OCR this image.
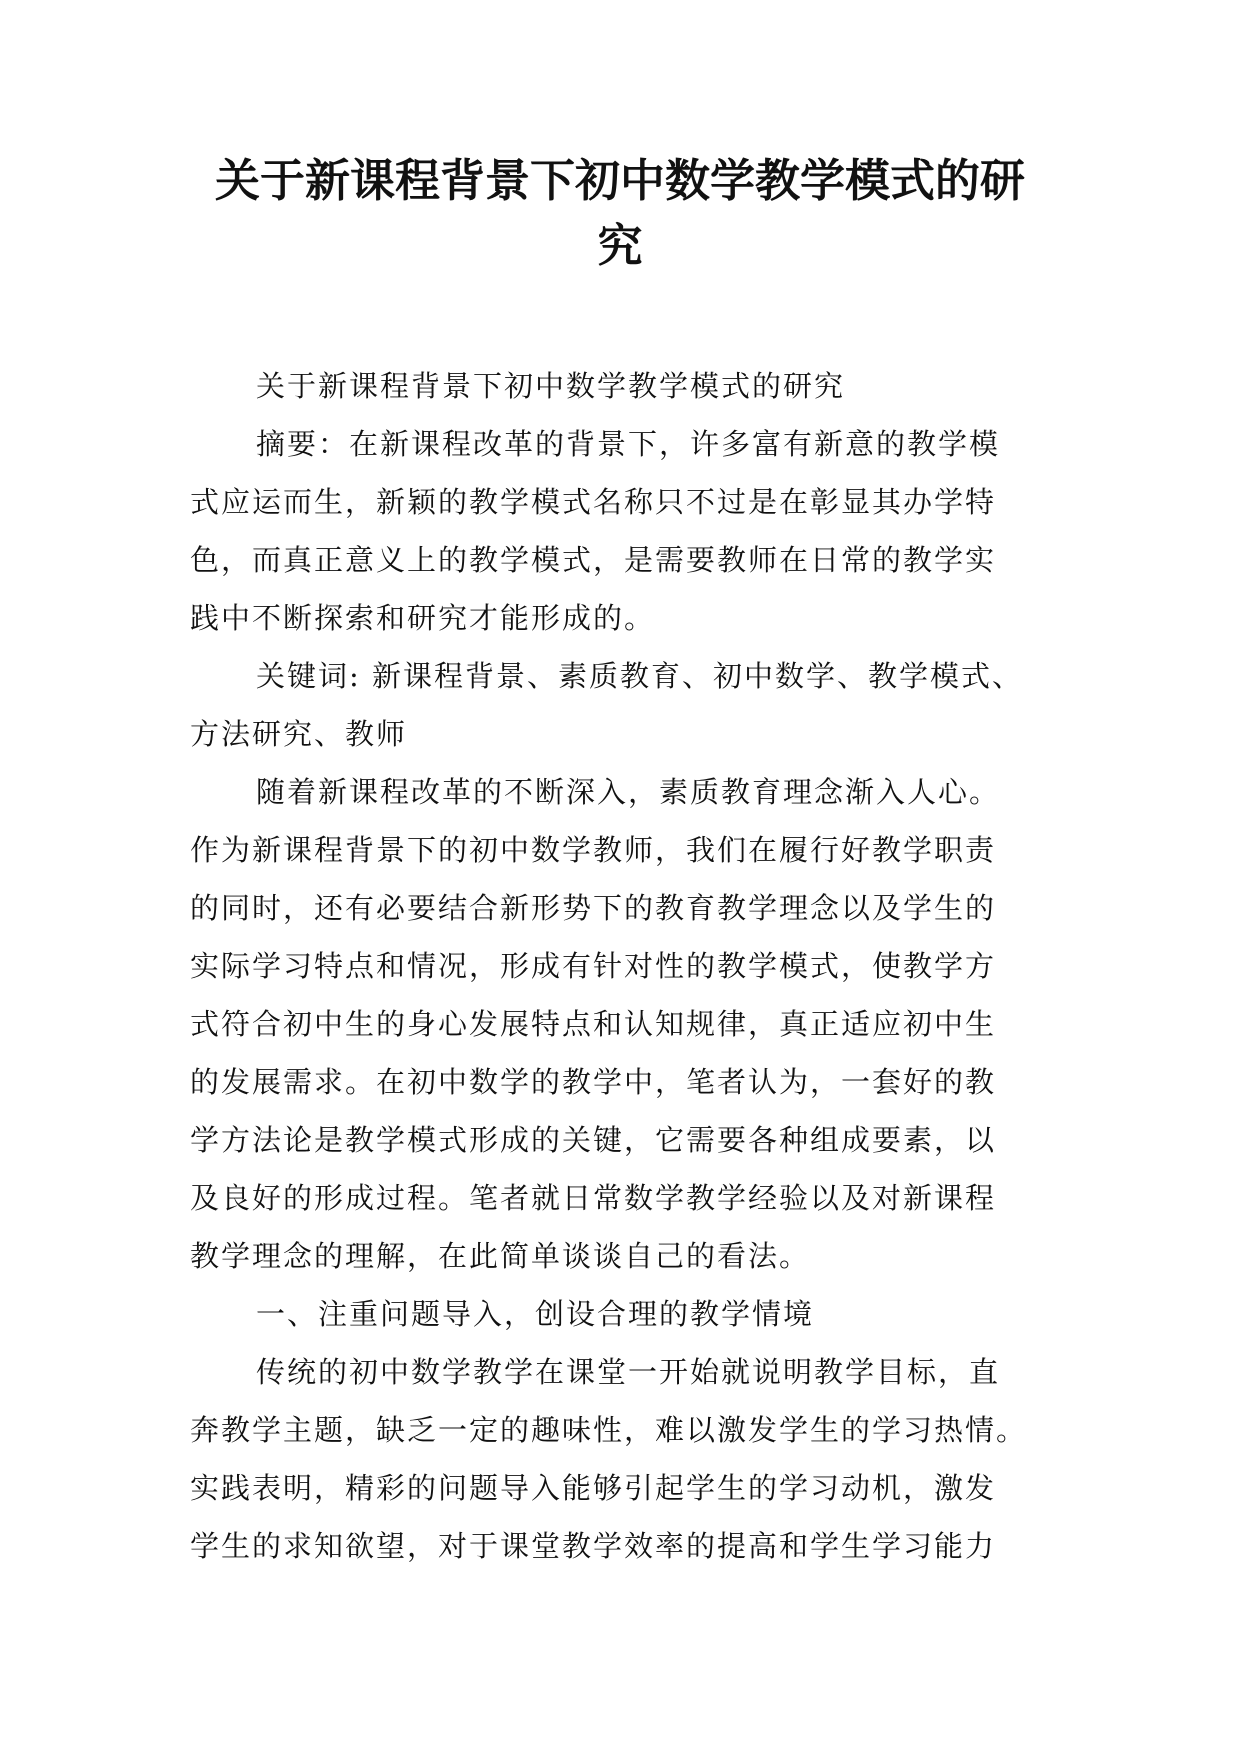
关于新课程背景下初中数学教学模式的研
究
关于新课程背景下初中数学教学模式的研究
摘要：在新课程改革的背景下，许多富有新意的教学模
式应运而生，新颖的教学模式名称只不过是在彰显其办学特
色，而真正意义上的教学模式，是需要教师在日常的教学实
践中不断探索和研究才能形成的。
关键词: 新课程背景、素质教育、初中数学、教学模式、
方法研究、教师
随着新课程改革的不断深入，素质教育理念渐入人心。
作为新课程背景下的初中数学教师，我们在履行好教学职责
的同时，还有必要结合新形势下的教育教学理念以及学生的
实际学习特点和情况，形成有针对性的教学模式，使教学方
式符合初中生的身心发展特点和认知规律，真正适应初中生
的发展需求。在初中数学的教学中，笔者认为，一套好的教
学方法论是教学模式形成的关键，它需要各种组成要素，以
及良好的形成过程。笔者就日常数学教学经验以及对新课程
教学理念的理解，在此简单谈谈自己的看法。
一、注重问题导入，创设合理的教学情境
传统的初中数学教学在课堂一开始就说明教学目标，直
奔教学主题，缺乏一定的趣味性，难以激发学生的学习热情。
实践表明，精彩的问题导入能够引起学生的学习动机，激发
学生的求知欲望，对于课堂教学效率的提高和学生学习能力
